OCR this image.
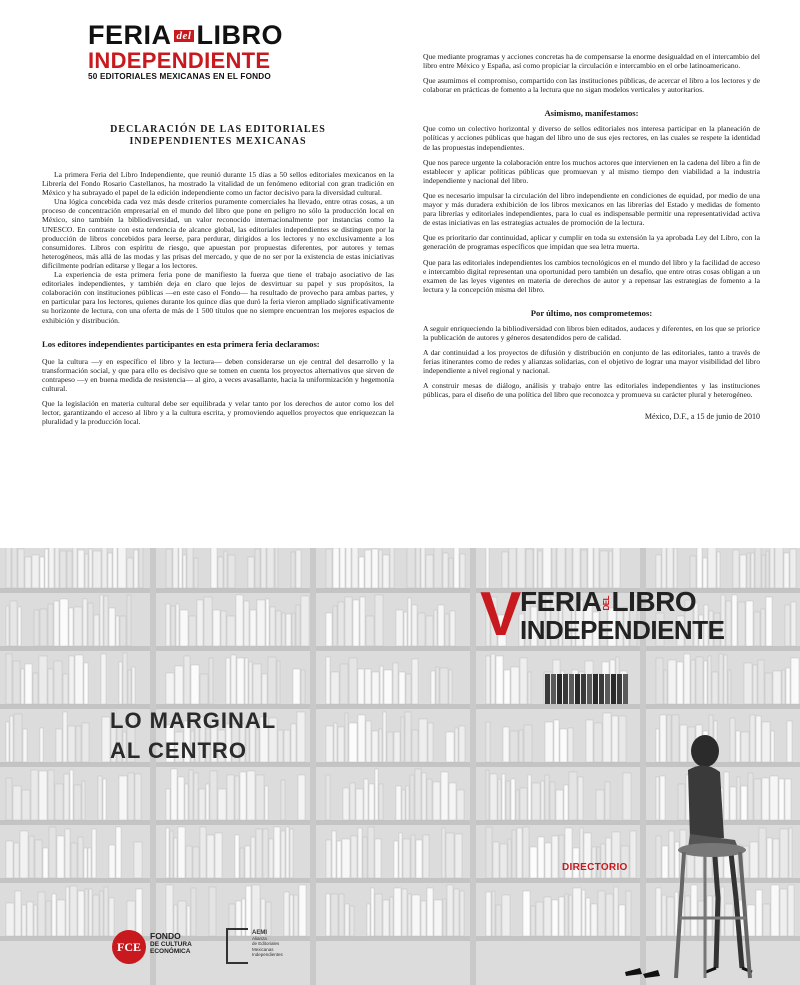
FERIA del LIBRO
INDEPENDIENTE
50 EDITORIALES MEXICANAS EN EL FONDO
DECLARACIÓN DE LAS EDITORIALES
INDEPENDIENTES MEXICANAS

La primera Feria del Libro Independiente, que reunió durante 15 días a 50 sellos editoriales mexicanos en la Librería del Fondo Rosario Castellanos, ha mostrado la vitalidad de un fenómeno editorial con gran tradición en México y ha subrayado el papel de la edición independiente como un factor decisivo para la diversidad cultural.

Una lógica concebida cada vez más desde criterios puramente comerciales ha llevado, entre otras cosas, a un proceso de concentración empresarial en el mundo del libro que pone en peligro no sólo la producción local en México, sino también la bibliodiversidad, un valor reconocido internacionalmente por instancias como la UNESCO. En contraste con esta tendencia de alcance global, las editoriales independientes se distinguen por la producción de libros concebidos para leerse, para perdurar, dirigidos a los lectores y no exclusivamente a los consumidores. Libros con espíritu de riesgo, que apuestan por propuestas diferentes, por autores y temas heterogéneos, más allá de las modas y las prisas del mercado, y que de no ser por la existencia de estas iniciativas difícilmente podrían editarse y llegar a los lectores.

La experiencia de esta primera feria pone de manifiesto la fuerza que tiene el trabajo asociativo de las editoriales independientes, y también deja en claro que lejos de desvirtuar su papel y sus propósitos, la colaboración con instituciones públicas —en este caso el Fondo— ha resultado de provecho para ambas partes, y en particular para los lectores, quienes durante los quince días que duró la feria vieron ampliado significativamente su horizonte de lectura, con una oferta de más de 1 500 títulos que no siempre encuentran los mejores espacios de exhibición y distribución.

Los editores independientes participantes en esta primera feria declaramos:

Que la cultura —y en específico el libro y la lectura— deben considerarse un eje central del desarrollo y la transformación social, y que para ello es decisivo que se tomen en cuenta los proyectos alternativos que sirven de contrapeso —y en buena medida de resistencia— al giro, a veces avasallante, hacia la uniformización y hegemonía cultural.

Que la legislación en materia cultural debe ser equilibrada y velar tanto por los derechos de autor como los del lector, garantizando el acceso al libro y a la cultura escrita, y promoviendo aquellos proyectos que enriquezcan la pluralidad y la producción local.

Que mediante programas y acciones concretas ha de compensarse la enorme desigualdad en el intercambio del libro entre México y España, así como propiciar la circulación e intercambio en el orbe latinoamericano.

Que asumimos el compromiso, compartido con las instituciones públicas, de acercar el libro a los lectores y de colaborar en prácticas de fomento a la lectura que no sigan modelos verticales y autoritarios.

Asimismo, manifestamos:

Que como un colectivo horizontal y diverso de sellos editoriales nos interesa participar en la planeación de políticas y acciones públicas que hagan del libro uno de sus ejes rectores, en las cuales se respete la identidad de las propuestas independientes.

Que nos parece urgente la colaboración entre los muchos actores que intervienen en la cadena del libro a fin de establecer y aplicar políticas públicas que promuevan y al mismo tiempo den viabilidad a la industria independiente y nacional del libro.

Que es necesario impulsar la circulación del libro independiente en condiciones de equidad, por medio de una mayor y más duradera exhibición de los libros mexicanos en las librerías del Estado y medidas de fomento para librerías y editoriales independientes, para lo cual es indispensable permitir una representatividad activa de estas iniciativas en las estrategias actuales de promoción de la lectura.

Que es prioritario dar continuidad, aplicar y cumplir en toda su extensión la ya aprobada Ley del Libro, con la generación de programas específicos que impidan que sea letra muerta.

Que para las editoriales independientes los cambios tecnológicos en el mundo del libro y la facilidad de acceso e intercambio digital representan una oportunidad pero también un desafío, que entre otras cosas obligan a un examen de las leyes vigentes en materia de derechos de autor y a repensar las estrategias de fomento a la lectura y la concepción misma del libro.

Por último, nos comprometemos:

A seguir enriqueciendo la bibliodiversidad con libros bien editados, audaces y diferentes, en los que se priorice la publicación de autores y géneros desatendidos pero de calidad.

A dar continuidad a los proyectos de difusión y distribución en conjunto de las editoriales, tanto a través de ferias itinerantes como de redes y alianzas solidarias, con el objetivo de lograr una mayor visibilidad del libro independiente a nivel regional y nacional.

A construir mesas de diálogo, análisis y trabajo entre las editoriales independientes y las instituciones públicas, para el diseño de una política del libro que reconozca y promueva su carácter plural y heterogéneo.

México, D.F., a 15 de junio de 2010

V
FERIADELLIBRO
INDEPENDIENTE
LO MARGINAL
AL CENTRO
DIRECTORIO
FCE
FONDO
DE CULTURA
ECONÓMICA
AEMI
Alianza
de Editoriales
Mexicanas
Independientes
